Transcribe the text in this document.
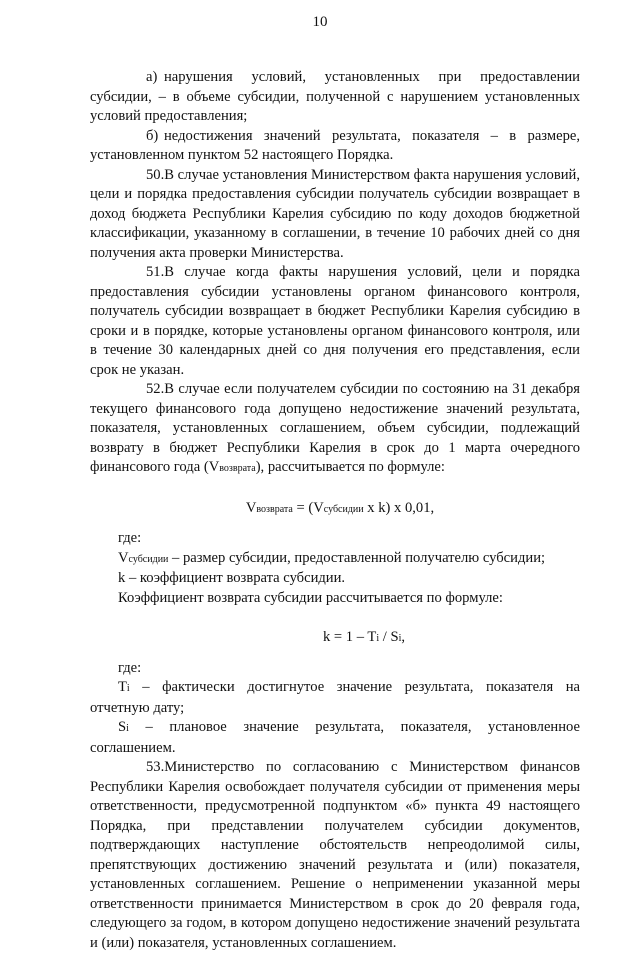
10

а) нарушения условий, установленных при предоставлении субсидии, – в объеме субсидии, полученной с нарушением установленных условий предоставления;

б) недостижения значений результата, показателя – в размере, установленном пунктом 52 настоящего Порядка.

50.В случае установления Министерством факта нарушения условий, цели и порядка предоставления субсидии получатель субсидии возвращает в доход бюджета Республики Карелия субсидию по коду доходов бюджетной классификации, указанному в соглашении, в течение 10 рабочих дней со дня получения акта проверки Министерства.

51.В случае когда факты нарушения условий, цели и порядка предоставления субсидии установлены органом финансового контроля, получатель субсидии возвращает в бюджет Республики Карелия субсидию в сроки и в порядке, которые установлены органом финансового контроля, или в течение 30 календарных дней со дня получения его представления, если срок не указан.

52.В случае если получателем субсидии по состоянию на 31 декабря текущего финансового года допущено недостижение значений результата, показателя, установленных соглашением, объем субсидии, подлежащий возврату в бюджет Республики Карелия в срок до 1 марта очередного финансового года (Vвозврата), рассчитывается по формуле:

Vвозврата = (Vсубсидии x k) x 0,01,

где:

Vсубсидии – размер субсидии, предоставленной получателю субсидии;

k – коэффициент возврата субсидии.

Коэффициент возврата субсидии рассчитывается по формуле:

k = 1 – Ti / Si,

где:

Ti – фактически достигнутое значение результата, показателя на отчетную дату;

Si – плановое значение результата, показателя, установленное соглашением.

53.Министерство по согласованию с Министерством финансов Республики Карелия освобождает получателя субсидии от применения меры ответственности, предусмотренной подпунктом «б» пункта 49 настоящего Порядка, при представлении получателем субсидии документов, подтверждающих наступление обстоятельств непреодолимой силы, препятствующих достижению значений результата и (или) показателя, установленных соглашением. Решение о неприменении указанной меры ответственности принимается Министерством в срок до 20 февраля года, следующего за годом, в котором допущено недостижение значений результата и (или) показателя, установленных соглашением.
